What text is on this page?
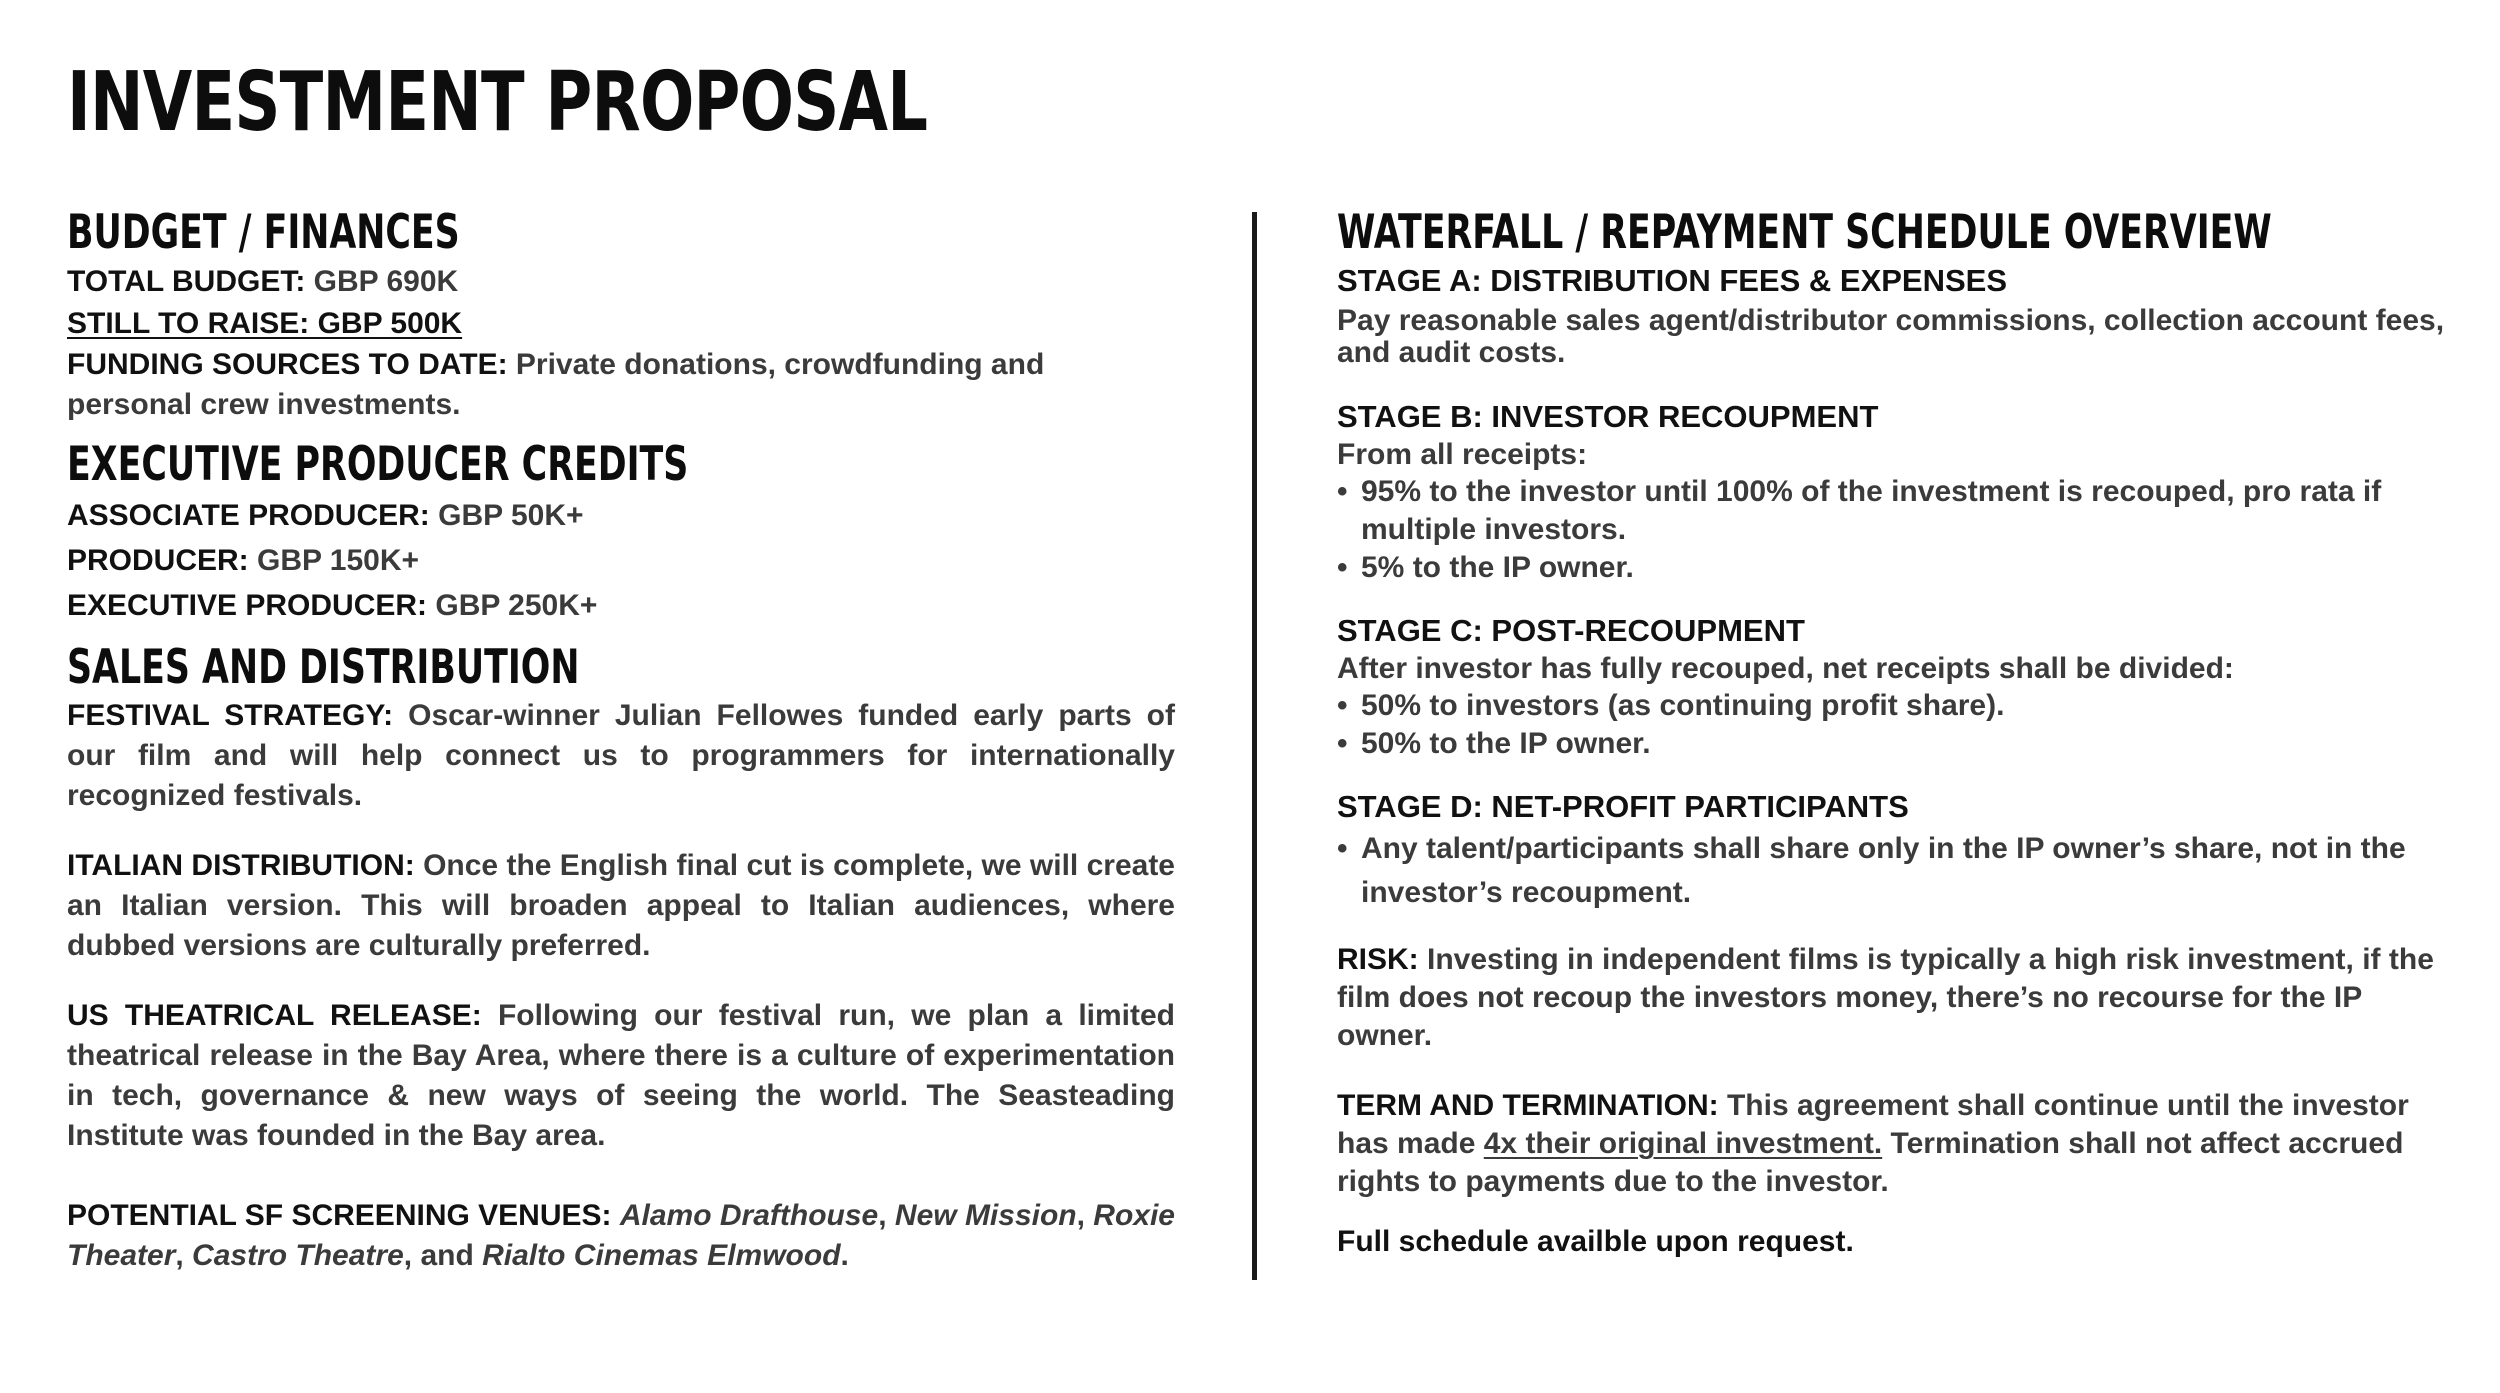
INVESTMENT PROPOSAL
BUDGET / FINANCES

TOTAL BUDGET: GBP 690K

STILL TO RAISE: GBP 500K

FUNDING SOURCES TO DATE: Private donations, crowdfunding and personal crew investments.

EXECUTIVE PRODUCER CREDITS

ASSOCIATE PRODUCER: GBP 50K+

PRODUCER: GBP 150K+

EXECUTIVE PRODUCER: GBP 250K+

SALES AND DISTRIBUTION

FESTIVAL STRATEGY: Oscar-winner Julian Fellowes funded early parts of our film and will help connect us to programmers for internationally recognized festivals.

ITALIAN DISTRIBUTION: Once the English final cut is complete, we will create an Italian version. This will broaden appeal to Italian audiences, where dubbed versions are culturally preferred.

US THEATRICAL RELEASE: Following our festival run, we plan a limited theatrical release in the Bay Area, where there is a culture of experimentation in tech, governance & new ways of seeing the world. The Seasteading Institute was founded in the Bay area.

POTENTIAL SF SCREENING VENUES: Alamo Drafthouse, New Mission, Roxie Theater, Castro Theatre, and Rialto Cinemas Elmwood.

WATERFALL / REPAYMENT SCHEDULE OVERVIEW

STAGE A: DISTRIBUTION FEES & EXPENSES

Pay reasonable sales agent/distributor commissions, collection account fees, and audit costs.

STAGE B: INVESTOR RECOUPMENT

From all receipts:

• 95% to the investor until 100% of the investment is recouped, pro rata if multiple investors.
• 5% to the IP owner.

STAGE C: POST-RECOUPMENT

After investor has fully recouped, net receipts shall be divided:

• 50% to investors (as continuing profit share).
• 50% to the IP owner.

STAGE D: NET-PROFIT PARTICIPANTS

• Any talent/participants shall share only in the IP owner’s share, not in the investor’s recoupment.

RISK: Investing in independent films is typically a high risk investment, if the film does not recoup the investors money, there’s no recourse for the IP owner.

TERM AND TERMINATION: This agreement shall continue until the investor has made 4x their original investment. Termination shall not affect accrued rights to payments due to the investor.

Full schedule availble upon request.
